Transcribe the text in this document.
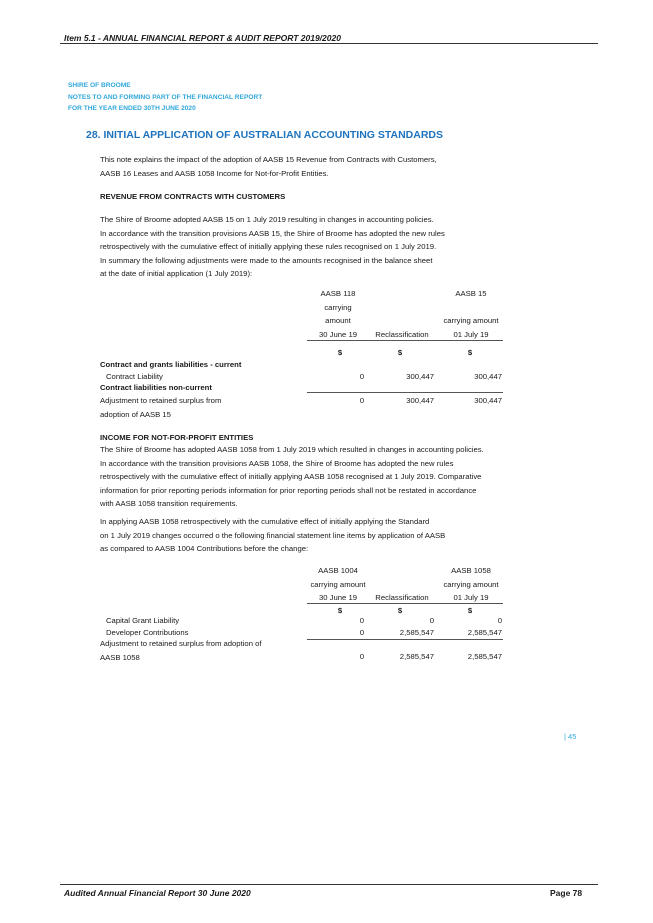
Item 5.1 - ANNUAL FINANCIAL REPORT & AUDIT REPORT 2019/2020
SHIRE OF BROOME
NOTES TO AND FORMING PART OF THE FINANCIAL REPORT
FOR THE YEAR ENDED 30TH JUNE 2020
28. INITIAL APPLICATION OF AUSTRALIAN ACCOUNTING STANDARDS
This note explains the impact of the adoption of AASB 15 Revenue from Contracts with Customers,
AASB 16 Leases and AASB 1058 Income for Not-for-Profit Entities.
REVENUE FROM CONTRACTS WITH CUSTOMERS
The Shire of Broome adopted AASB 15 on 1 July 2019 resulting in changes in accounting policies.
In accordance with the transition provisions AASB 15, the Shire of Broome has adopted the new rules
retrospectively with the cumulative effect of initially applying these rules recognised on 1 July 2019.
In summary the following adjustments were made to the amounts recognised in the balance sheet
at the date of initial application (1 July 2019):
AASB 118
carrying
amount
30 June 19	Reclassification
AASB 15
carrying amount
01 July 19
$	$	$
Contract and grants liabilities - current
Contract Liability	0	300,447	300,447
Contract liabilities non-current
Adjustment to retained surplus from
adoption of AASB 15
0	300,447	300,447
INCOME FOR NOT-FOR-PROFIT ENTITIES
The Shire of Broome has adopted AASB 1058 from 1 July 2019 which resulted in changes in accounting policies.
In accordance with the transition provisions AASB 1058, the Shire of Broome has adopted the new rules
retrospectively with the cumulative effect of initially applying AASB 1058 recognised at 1 July 2019. Comparative
information for prior reporting periods information for prior reporting periods shall not be restated in accordance
with AASB 1058 transition requirements.
In applying AASB 1058 retrospectively with the cumulative effect of initially applying the Standard
on 1 July 2019 changes occurred o the following financial statement line items by application of AASB
as compared to AASB 1004 Contributions before the change:
AASB 1004
carrying amount
30 June 19	Reclassification
AASB 1058
carrying amount
01 July 19
$	$	$
Capital Grant Liability	0	0	0
Developer Contributions	0	2,585,547	2,585,547
Adjustment to retained surplus from adoption of
AASB 1058	0	2,585,547	2,585,547
| 45
Audited Annual Financial Report 30 June 2020	Page 78
